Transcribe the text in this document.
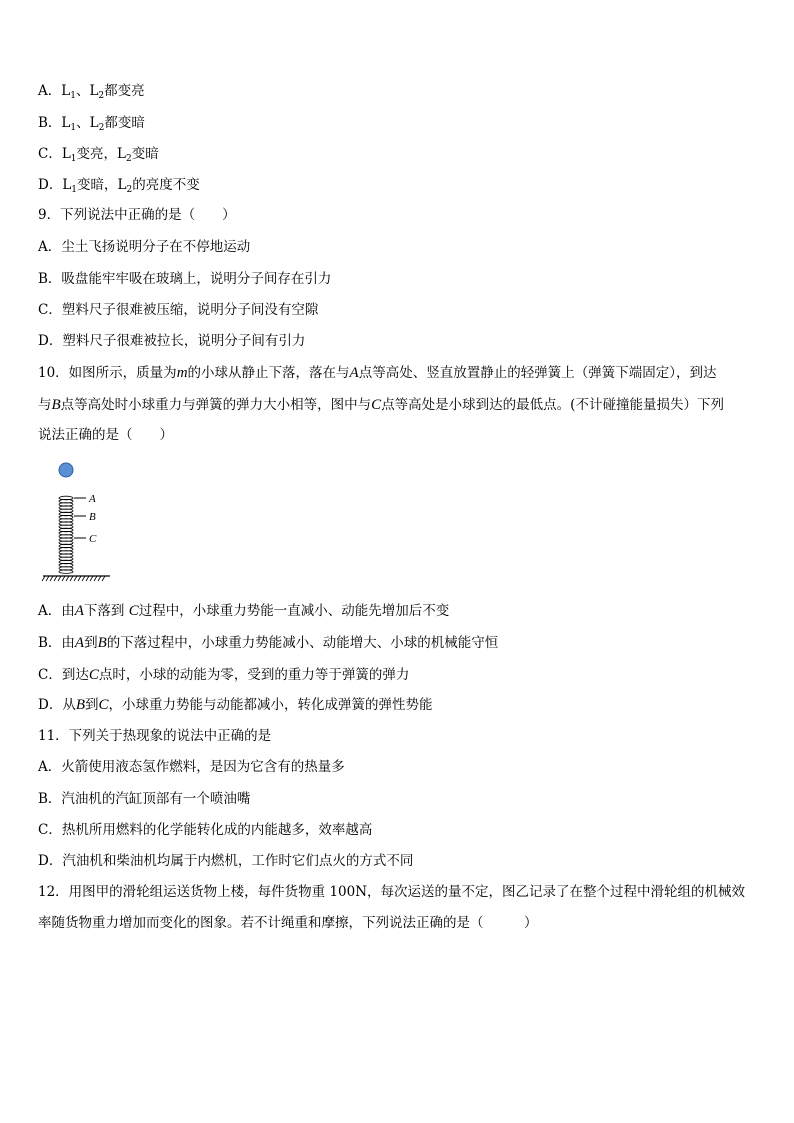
A．$L_1$、$L_2$都变亮
B．$L_1$、$L_2$都变暗
C．$L_1$变亮，$L_2$变暗
D．$L_1$变暗，$L_2$的亮度不变
9．下列说法中正确的是（　　）
A．尘土飞扬说明分子在不停地运动
B．吸盘能牢牢吸在玻璃上，说明分子间存在引力
C．塑料尺子很难被压缩，说明分子间没有空隙
D．塑料尺子很难被拉长，说明分子间有引力
10．如图所示，质量为m的小球从静止下落，落在与A点等高处、竖直放置静止的轻弹簧上（弹簧下端固定），到达
与B点等高处时小球重力与弹簧的弹力大小相等，图中与C点等高处是小球到达的最低点。(不计碰撞能量损失）下列
说法正确的是（　　）
A
B
C
A．由A下落到 C过程中，小球重力势能一直减小、动能先增加后不变
B．由A到B的下落过程中，小球重力势能减小、动能增大、小球的机械能守恒
C．到达C点时，小球的动能为零，受到的重力等于弹簧的弹力
D．从B到C，小球重力势能与动能都减小，转化成弹簧的弹性势能
11．下列关于热现象的说法中正确的是
A．火箭使用液态氢作燃料，是因为它含有的热量多
B．汽油机的汽缸顶部有一个喷油嘴
C．热机所用燃料的化学能转化成的内能越多，效率越高
D．汽油机和柴油机均属于内燃机，工作时它们点火的方式不同
12．用图甲的滑轮组运送货物上楼，每件货物重 100N，每次运送的量不定，图乙记录了在整个过程中滑轮组的机械效
率随货物重力增加而变化的图象。若不计绳重和摩擦，下列说法正确的是（　　　）
